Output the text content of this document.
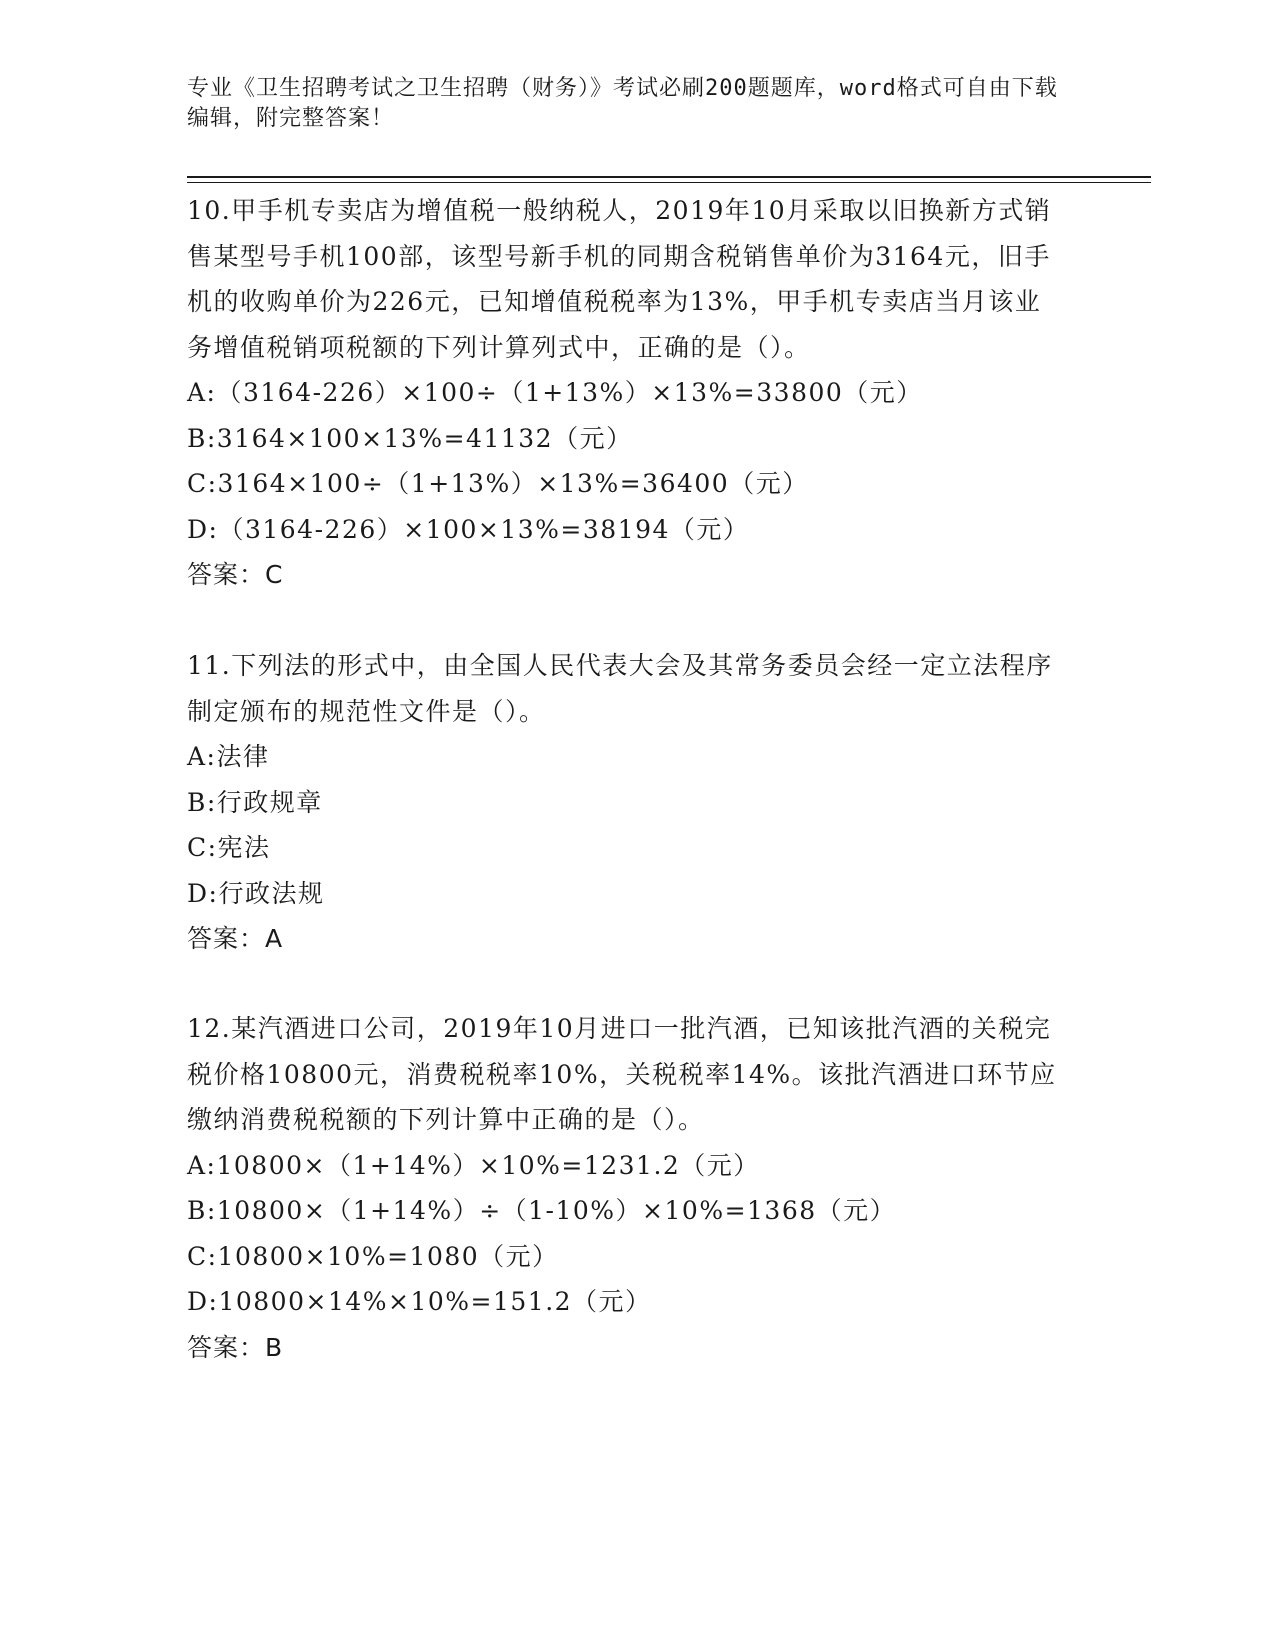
专业《卫生招聘考试之卫生招聘（财务）》考试必刷200题题库，word格式可自由下载编辑，附完整答案！

10.甲手机专卖店为增值税一般纳税人，2019年10月采取以旧换新方式销售某型号手机100部，该型号新手机的同期含税销售单价为3164元，旧手机的收购单价为226元，已知增值税税率为13%，甲手机专卖店当月该业务增值税销项税额的下列计算列式中，正确的是（）。

A:（3164-226）×100÷（1+13%）×13%=33800（元）

B:3164×100×13%=41132（元）

C:3164×100÷（1+13%）×13%=36400（元）

D:（3164-226）×100×13%=38194（元）

答案：C

11.下列法的形式中，由全国人民代表大会及其常务委员会经一定立法程序制定颁布的规范性文件是（）。

A:法律

B:行政规章

C:宪法

D:行政法规

答案：A

12.某汽酒进口公司，2019年10月进口一批汽酒，已知该批汽酒的关税完税价格10800元，消费税税率10%，关税税率14%。该批汽酒进口环节应缴纳消费税税额的下列计算中正确的是（）。

A:10800×（1+14%）×10%=1231.2（元）

B:10800×（1+14%）÷（1-10%）×10%=1368（元）

C:10800×10%=1080（元）

D:10800×14%×10%=151.2（元）

答案：B
